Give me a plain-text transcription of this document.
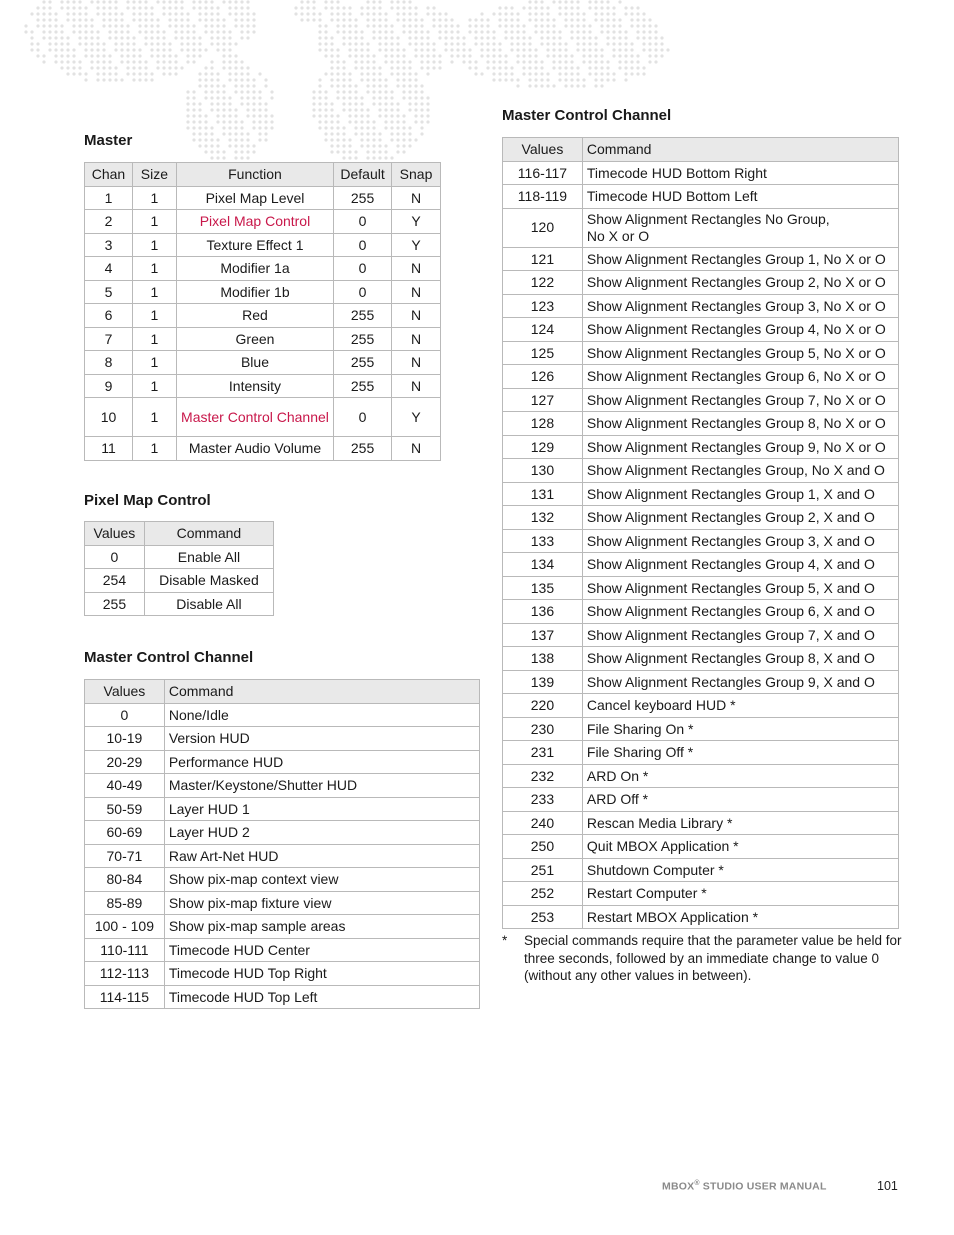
Master
Chan	Size	Function	Default	Snap
1	1	Pixel Map Level	255	N
2	1	Pixel Map Control	0	Y
3	1	Texture Effect 1	0	Y
4	1	Modifier 1a	0	N
5	1	Modifier 1b	0	N
6	1	Red	255	N
7	1	Green	255	N
8	1	Blue	255	N
9	1	Intensity	255	N
10	1	Master Control Channel	0	Y
11	1	Master Audio Volume	255	N
Pixel Map Control
Values	Command
0	Enable All
254	Disable Masked
255	Disable All
Master Control Channel
Values	Command
0	None/Idle
10-19	Version HUD
20-29	Performance HUD
40-49	Master/Keystone/Shutter HUD
50-59	Layer HUD 1
60-69	Layer HUD 2
70-71	Raw Art-Net HUD
80-84	Show pix-map context view
85-89	Show pix-map fixture view
100 - 109	Show pix-map sample areas
110-111	Timecode HUD Center
112-113	Timecode HUD Top Right
114-115	Timecode HUD Top Left
Master Control Channel
Values	Command
116-117	Timecode HUD Bottom Right
118-119	Timecode HUD Bottom Left
120	Show Alignment Rectangles No Group,
No X or O
121	Show Alignment Rectangles Group 1, No X or O
122	Show Alignment Rectangles Group 2, No X or O
123	Show Alignment Rectangles Group 3, No X or O
124	Show Alignment Rectangles Group 4, No X or O
125	Show Alignment Rectangles Group 5, No X or O
126	Show Alignment Rectangles Group 6, No X or O
127	Show Alignment Rectangles Group 7, No X or O
128	Show Alignment Rectangles Group 8, No X or O
129	Show Alignment Rectangles Group 9, No X or O
130	Show Alignment Rectangles Group, No X and O
131	Show Alignment Rectangles Group 1, X and O
132	Show Alignment Rectangles Group 2, X and O
133	Show Alignment Rectangles Group 3, X and O
134	Show Alignment Rectangles Group 4, X and O
135	Show Alignment Rectangles Group 5, X and O
136	Show Alignment Rectangles Group 6, X and O
137	Show Alignment Rectangles Group 7, X and O
138	Show Alignment Rectangles Group 8, X and O
139	Show Alignment Rectangles Group 9, X and O
220	Cancel keyboard HUD *
230	File Sharing On *
231	File Sharing Off *
232	ARD On *
233	ARD Off *
240	Rescan Media Library *
250	Quit MBOX Application *
251	Shutdown Computer *
252	Restart Computer *
253	Restart MBOX Application *
* Special commands require that the parameter value be held for three seconds, followed by an immediate change to value 0 (without any other values in between).
MBOX® STUDIO USER MANUAL	101
